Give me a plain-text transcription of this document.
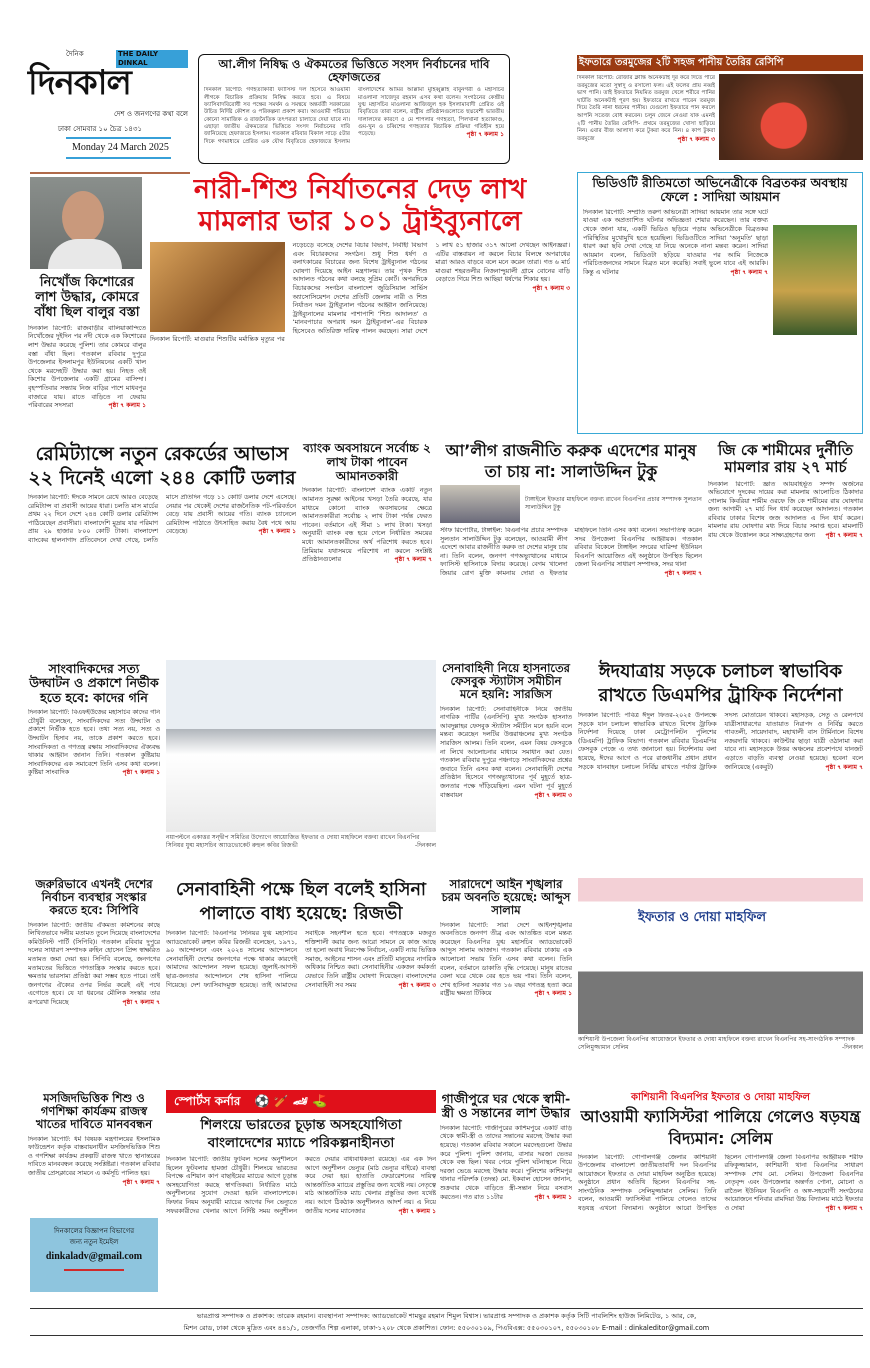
দৈনিক	THE DAILY DINKAL
দিনকাল
দেশ ও জনগণের কথা বলে
ঢাকা সোমবার ১০ চৈত্র ১৪৩১
Monday 24 March 2025
আ.লীগ নিষিদ্ধ ও ঐকমতের ভিত্তিতে সংসদ নির্বাচনের দাবি হেফাজতের
দিনকাল রিপোর্ট: গণহত্যাকারী ফ্যাসিস্ট দল হিসেবে আওয়ামী লীগকে বিচারিক প্রক্রিয়ায় নিষিদ্ধ করতে হবে। এ বিষয়ে ফ্যাসিবাদবিরোধী সব পক্ষের সমর্থন ও সমন্বয়ে অন্তর্বর্তী সরকারের উচিত নির্দিষ্ট কৌশল ও পরিকল্পনা প্রকাশ করা। আওয়ামী পরিচয়ে কোনো সামাজিক ও রাজনৈতিক তৎপরতা চালাতে দেয়া যাবে না। এছাড়া জাতীয় ঐকমত্যের ভিত্তিতে সংসদ নির্বাচনের দাবি জানিয়েছে হেফাজতে ইসলাম। গতকাল রবিবার বিকাল সাড়ে ৫টার দিকে গণমাধ্যমে প্রেরিত এক যৌথ বিবৃতিতে হেফাজতে ইসলাম বাংলাদেশের আমির আল্লামা মুহিব্বুল্লাহ বাবুনগরী ও মহাসচিব মাওলানা সাজেদুর রহমান এসব কথা বলেন। সংগঠনের কেন্দ্রীয় যুগ্ম মহাসচিব মাওলানা আজিজুল হক ইসলামাবাদী প্রেরিত ওই বিবৃতিতে তারা বলেন, রাষ্ট্রীয় প্রতিষ্ঠানগুলোতে ছদ্মবেশী ভারতীয় দালালদের কারণে ৫ মে শাপলার গণহত্যা, পিলখানা হত্যাকাণ্ড, গুম-খুন ও চব্বিশের গণহত্যার বিচারিক প্রক্রিয়া গতিহীন হয়ে পড়েছে।	পৃষ্ঠা ৭ কলাম ১
ইফতারে তরমুজের ২টি সহজ পানীয় তৈরির রেসিপি
দিনকাল রিপোর্ট: রোজার ক্লান্তি অনেকটাই দূর করে দিতে পারে তরমুজের মতো সুস্বাদু ও রসালো ফল। এই ফলের প্রায় নব্বই ভাগ পানি। তাই ইফতারে নিয়মিত তরমুজ খেলে শরীরে পানির ঘাটতি অনেকটাই পূরণ হয়। ইফতারে রাখতে পারেন তরমুজ দিয়ে তৈরি নানা ধরনের পানীয়। যেগুলো ইফতারে পান করলে আপনি সতেজ বোধ করবেন। চলুন জেনে নেওয়া যাক এমনই ২টি পানীয় তৈরির রেসিপি- প্রথমে তরমুজের খোসা ছাড়িয়ে নিন। এবার বীজ আলাদা করে টুকরা করে নিন। ৪ কাপ টুকরা তরমুজে	পৃষ্ঠা ৭ কলাম ৩
নিখোঁজ কিশোরের লাশ উদ্ধার, কোমরে বাঁধা ছিল বালুর বস্তা
দিনকাল রিপোর্ট: রাজবাড়ীর বালিয়াকান্দিতে নিখোঁজের দুইদিন পর নদী থেকে এক কিশোরের লাশ উদ্ধার করেছে পুলিশ। তার কোমরে বালুর বস্তা বাঁধা ছিল। গতকাল রবিবার দুপুরে উপজেলার ইসলামপুর ইউনিয়নের একটি খাল থেকে মরদেহটি উদ্ধার করা হয়। নিহত ওই কিশোর উপজেলার একটি গ্রামের বাসিন্দা। বৃহস্পতিবার সন্ধ্যায় নিজ বাড়ির পাশে মাধবপুর বাজারে যায়। রাতে বাড়িতে না ফেরায় পরিবারের সদস্যরা	পৃষ্ঠা ৭ কলাম ১
নারী-শিশু নির্যাতনের দেড় লাখ
মামলার ভার ১০১ ট্রাইব্যুনালে
দিনকাল রিপোর্ট: মাগুরার শিশুটির মর্মান্তিক মৃত্যুর পর নড়েচড়ে বসেছে দেশের বিচার বিভাগ, নির্বাহী বিভাগ এবং বিচারকদের সংগঠন। শুধু শিশু ধর্ষণ ও বলাৎকারের বিচারের জন্য বিশেষ ট্রাইব্যুনাল গঠনের ঘোষণা দিয়েছে আইন মন্ত্রণালয়। তার পৃথক শিশু আদালত গঠনের কথা বলছে সুপ্রিম কোর্ট। অপরদিকে বিচারকদের সংগঠন বাংলাদেশ জুডিসিয়াল সার্ভিস অ্যাসোসিয়েশন দেশের প্রতিটি জেলায় নারী ও শিশু নির্যাতন দমন ট্রাইব্যুনাল গঠনের আহ্বান জানিয়েছে। ট্রাইব্যুনালের মামলার পাশাপাশি ‘শিশু আদালত’ ও ‘মানবপাচার অপরাধ দমন ট্রাইব্যুনাল’-এর বিচারক হিসেবেও অতিরিক্ত দায়িত্ব পালন করছেন। সারা দেশে ১ লাখ ৫১ হাজার ৩১৭ আলো দেখছেন আইনজ্ঞরা। এটির বাস্তবায়ন না করলে বিচার বিলম্বে অপরাধের মাত্রা আরও বাড়বে বলে মনে করেন তারা। গত ৬ মার্চ মাগুরা শহরতলীর নিজনান্দুয়ালী গ্রামে বোনের বাড়ি বেড়াতে গিয়ে শিশু আছিয়া ধর্ষণের শিকার হয়।
পৃষ্ঠা ৭ কলাম ৩
ভিডিওটি রীতিমতো অভিনেত্রীকে বিব্রতকর অবস্থায় ফেলে : সাদিয়া আয়মান
দিনকাল রিপোর্ট: সম্প্রতি তরুণ অভিনেত্রী সাদিয়া আয়মান তার সঙ্গে ঘটে যাওয়া এক অপ্রত্যাশিত ঘটনার অভিজ্ঞতা শেয়ার করেছেন। তার বক্তব্য থেকে জানা যায়, একটি ভিডিও ছড়িয়ে পড়ায় অভিনেত্রীকে বিব্রতকর পরিস্থিতির মুখোমুখি হতে হয়েছিল। ভিডিওটিতে সাদিয়া ‘অনুমতি’ ছাড়া ধারণ করা ছবি দেখা গেছে যা নিয়ে অনেকে নানা মন্তব্য করেন। সাদিয়া আয়মান বলেন, ভিডিওটা ছড়িয়ে যাওয়ার পর আমি নিজেকে পরিচিতজনদের সামনে বিব্রত মনে করেছি। সবাই ভুলে যাবে এই আরকি। কিন্তু এ ঘটনার	পৃষ্ঠা ৭ কলাম ৭
রেমিট্যান্সে নতুন রেকর্ডের আভাস
২২ দিনেই এলো ২৪৪ কোটি ডলার
দিনকাল রিপোর্ট: ঈদকে সামনে রেখে আরও বেড়েছে রেমিট্যান্স বা প্রবাসী আয়ের ধারা। চলতি মাস মার্চের প্রথম ২২ দিনে দেশে ২৪৪ কোটি ডলার রেমিট্যান্স পাঠিয়েছেন প্রবাসীরা। বাংলাদেশি মুদ্রায় যার পরিমাণ প্রায় ২৯ হাজার ৮০০ কোটি টাকা। বাংলাদেশ ব্যাংকের হালনাগাদ প্রতিবেদনে দেখা গেছে, চলতি মাসে প্রতিদিন গড়ে ১১ কোটি ডলার দেশে এসেছে। নেয়ার পর থেকেই দেশের রাজনৈতিক পট-পরিবর্তনে বেড়ে যায় প্রবাসী আয়ের গতি। ব্যাংক চ্যানেলে রেমিট্যান্স পাঠাতে উৎসাহিত করায় বৈধ পথে আয় বেড়েছে।	পৃষ্ঠা ৭ কলাম ১
ব্যাংক অবসায়নে সর্বোচ্চ ২ লাখ টাকা পাবেন আমানতকারী
দিনকাল রিপোর্ট: বাংলাদেশ ব্যাংক একটি নতুন আমানত সুরক্ষা আইনের খসড়া তৈরি করেছে, যার মাধ্যমে কোনো ব্যাংক অবসায়নের ক্ষেত্রে আমানতকারীরা সর্বোচ্চ ২ লাখ টাকা পর্যন্ত ফেরত পাবেন। বর্তমানে এই সীমা ১ লাখ টাকা। খসড়া অনুযায়ী ব্যাংক বন্ধ হয়ে গেলে নির্ধারিত সময়ের মধ্যে আমানতকারীদের অর্থ পরিশোধ করতে হবে। প্রিমিয়াম যথাসময়ে পরিশোধ না করলে সংশ্লিষ্ট প্রতিষ্ঠানগুলোর	পৃষ্ঠা ৭ কলাম ৭
আ’লীগ রাজনীতি করুক এদেশের মানুষ তা চায় না: সালাউদ্দিন টুকু
টাঙ্গাইলে ইফতার মাহফিলে বক্তব্য রাখেন বিএনপির প্রচার সম্পাদক সুলতান সালাউদ্দিন টুকু
স্টাফ রিপোর্টার, টাঙ্গাইল: বিএনপির প্রচার সম্পাদক সুলতান সালাউদ্দিন টুকু বলেছেন, আওয়ামী লীগ এদেশে আবার রাজনীতি করুক তা দেশের মানুষ চায় না। তিনি বলেন, জনগণ গণঅভ্যুত্থানের মাধ্যমে ফ্যাসিস্ট হাসিনাকে বিদায় করেছে। বেগম খালেদা জিয়ার রোগ মুক্তি কামনায় দোয়া ও ইফতার মাহফিলে তিনি এসব কথা বলেন। সভাপতিত্ব করেন সদর উপজেলা বিএনপির আহ্বায়ক। গতকাল রবিবার বিকেলে টাঙ্গাইল সদরের ঘারিন্দা ইউনিয়ন বিএনপি আয়োজিত এই অনুষ্ঠানে উপস্থিত ছিলেন জেলা বিএনপির সাধারণ সম্পাদক, সদর থানা
পৃষ্ঠা ৭ কলাম ৭
জি কে শামীমের দুর্নীতি মামলার রায় ২৭ মার্চ
দিনকাল রিপোর্ট: জ্ঞাত আয়বহির্ভূত সম্পদ অর্জনের অভিযোগে দুদকের দায়ের করা মামলায় আলোচিত ঠিকাদার গোলাম কিবরিয়া শামীম ওরফে জি কে শামীমের রায় ঘোষণার জন্য আগামী ২৭ মার্চ দিন ধার্য করেছেন আদালত। গতকাল রবিবার ঢাকার বিশেষ জজ আদালত এ দিন ধার্য করেন। মামলার রায় ঘোষণার মধ্য দিয়ে বিচার সমাপ্ত হবে। মামলাটি রায় থেকে উত্তোলন করে সাক্ষ্যগ্রহণের জন্য পৃষ্ঠা ৭ কলাম ৭
সাংবাদিকদের সত্য উদ্ঘাটন ও প্রকাশে নির্ভীক হতে হবে: কাদের গনি
দিনকাল রিপোর্ট: বিএফইউজের মহাসচিব কাদের গনি চৌধুরী বলেছেন, সাংবাদিকদের সত্য উদ্ঘাটন ও প্রকাশে নির্ভীক হতে হবে। তথ্য সত্য নয়, সত্য ও উদ্ঘাটন হিসাব নয়, তাকে প্রকাশ করতে হবে। সাংবাদিকতা ও গণতন্ত্র রক্ষায় সাংবাদিকদের ঐক্যবদ্ধ থাকার আহ্বান জানান তিনি। গতকাল কুষ্টিয়ায় সাংবাদিকদের এক সমাবেশে তিনি এসব কথা বলেন। কুষ্টিয়া সাংবাদিক	পৃষ্ঠা ৭ কলাম ১
নয়াপল্টনে একাত্তর সন্দ্বীপ সমিতির উদ্যোগে আয়োজিত ইফতার ও দোয়া মাহফিলে বক্তব্য রাখেন বিএনপির সিনিয়র যুগ্ম মহাসচিব অ্যাডভোকেট রুহুল কবির রিজভী	-দিনকাল
সেনাবাহিনী নিয়ে হাসনাতের ফেসবুক স্ট্যাটাস সমীচীন মনে হয়নি: সারজিস
দিনকাল রিপোর্ট: সেনাবাহিনীকে নিয়ে জাতীয় নাগরিক পার্টির (এনসিপি) মুখ্য সংগঠক হাসনাত আবদুল্লাহর ফেসবুক স্ট্যাটাস সমীচীন মনে হয়নি বলে মন্তব্য করেছেন দলটির উত্তরাঞ্চলের মুখ্য সংগঠক সারজিস আলম। তিনি বলেন, এমন বিষয় ফেসবুকে না লিখে আলোচনার মাধ্যমে সমাধান করা যেত। গতকাল রবিবার দুপুরে পঞ্চগড়ে সাংবাদিকদের প্রশ্নের জবাবে তিনি এসব কথা বলেন। সেনাবাহিনী দেশের প্রতিষ্ঠান হিসেবে গণঅভ্যুত্থানের পূর্ব মুহূর্তে ছাত্র-জনতার পক্ষে দাঁড়িয়েছিল। এমন ঘটনা পূর্ব মুহূর্তে বাস্তবায়ন	পৃষ্ঠা ৭ কলাম ৩
ঈদযাত্রায় সড়কে চলাচল স্বাভাবিক রাখতে ডিএমপির ট্রাফিক নির্দেশনা
দিনকাল রিপোর্ট: পবিত্র ঈদুল ফিতর-২০২৫ উপলক্ষে সড়কে যান চলাচল স্বাভাবিক রাখতে বিশেষ ট্রাফিক নির্দেশনা দিয়েছে ঢাকা মেট্রোপলিটন পুলিশের (ডিএমপি) ট্রাফিক বিভাগ। গতকাল রবিবার ডিএমপির ফেসবুক পেজে এ তথ্য জানানো হয়। নির্দেশনায় বলা হয়েছে, ঈদের আগে ও পরে রাজধানীর প্রধান প্রধান সড়কে যানবাহন চলাচল নির্বিঘ্ন রাখতে পর্যাপ্ত ট্রাফিক সদস্য মোতায়েন থাকবে। মহাসড়ক, সেতু ও রেলপথে যাত্রীসাধারণের যাতায়াত নিরাপদ ও নির্বিঘ্ন করতে গাবতলী, সায়েদাবাদ, মহাখালী বাস টার্মিনালে বিশেষ নজরদারি থাকবে। কাউন্টার ছাড়া যাত্রী ওঠানামা করা যাবে না। মহাসড়কে উত্তর অঞ্চলের প্রবেশপথে যানজট এড়াতে বাড়তি ব্যবস্থা নেওয়া হয়েছে। হবেনা বলে জানিয়েছে (একবুট)	পৃষ্ঠা ৭ কলাম ৭
জরুরিভাবে এখনই দেশের নির্বাচন ব্যবস্থার সংস্কার করতে হবে: সিপিবি
দিনকাল রিপোর্ট: জাতীয় ঐকমত্য কমিশনের কাছে লিখিতভাবে দলীয় মতামত তুলে দিয়েছে বাংলাদেশের কমিউনিস্ট পার্টি (সিপিবি)। গতকাল রবিবার দুপুরে দলের সাধারণ সম্পাদক রুহিন হোসেন প্রিন্স স্বাক্ষরিত মতামত জমা দেয়া হয়। সিপিবি বলেছে, জনগণের মতামতের ভিত্তিতে গণতান্ত্রিক সংস্কার করতে হবে। ক্ষমতার ভারসাম্য প্রতিষ্ঠা করা সম্ভব হতে পারে। তাই জনগণের ঐক্যের ওপর নির্ভর করেই এই পথে এগোতে হবে। যে যা ধরনের মৌলিক সংস্কার তার রূপরেখা দিয়েছে	পৃষ্ঠা ৭ কলাম ৭
সেনাবাহিনী পক্ষে ছিল বলেই হাসিনা পালাতে বাধ্য হয়েছে: রিজভী
দিনকাল রিপোর্ট: বিএনপির সিনিয়র যুগ্ম মহাসচিব অ্যাডভোকেট রুহুল কবির রিজভী বলেছেন, ১৯৭১, ৯০ আন্দোলনে এবং ২০২৪ সালের আন্দোলনে সেনাবাহিনী দেশের জনগণের পক্ষে থাকার কারণেই আমাদের আন্দোলন সফল হয়েছে। জুলাই-আগস্ট ছাত্র-জনতার আন্দোলনে শেষ হাসিনা পালিয়ে গিয়েছে। দেশ ফ্যাসিবাদমুক্ত হয়েছে। তাই আমাদের সবাইকে সহনশীল হতে হবে। গণতন্ত্রকে মজবুত শক্তিশালী করার জন্য আরো সামনে যে কাজ আছে তা হলো অবাধ নিরপেক্ষ নির্বাচন, একটি ন্যায় ভিত্তিক সমাজ, আইনের শাসন এবং প্রতিটি মানুষের নাগরিক অধিকার নিশ্চিত করা। সেনাবাহিনীর একজন কর্মকর্তা যেভাবে তিনি রাষ্ট্রীয় ঘোষণা দিয়েছেন। বাংলাদেশের সেনাবাহিনী সব সময়	পৃষ্ঠা ৭ কলাম ৩
সারাদেশে আইন শৃঙ্খলার চরম অবনতি হয়েছে: আব্দুস সালাম
দিনকাল রিপোর্ট: সারা দেশে আইনশৃঙ্খলার অবনতিতে জনগণ তীব্র এবং আতঙ্কিত বলে মন্তব্য করেছেন বিএনপির যুগ্ম মহাসচিব অ্যাডভোকেট আব্দুস সালাম আজাদ। গতকাল রবিবার ঢাকায় এক আলোচনা সভায় তিনি এসব কথা বলেন। তিনি বলেন, বর্তমানে ডাকাতি বৃদ্ধি পেয়েছে। মানুষ রাতের বেলা ঘরে থেকে বের হতে ভয় পায়। তিনি বলেন, শেখ হাসিনা সরকার গত ১৬ বছর গণতন্ত্র হত্যা করে রাষ্ট্রীয় ক্ষমতা টিকিয়ে	পৃষ্ঠা ৭ কলাম ১
ইফতার ও দোয়া মাহফিল
কাশিয়ানী উপজেলা বিএনপির আয়োজনে ইফতার ও দোয়া মাহফিলে বক্তব্য রাখেন বিএনপির সহ-সাংগঠনিক সম্পাদক সেলিমুজ্জামান সেলিম	-দিনকাল
মসজিদভিত্তিক শিশু ও গণশিক্ষা কার্যক্রম রাজস্ব খাতের দাবিতে মানববন্ধন
দিনকাল রিপোর্ট: ধর্ম বিষয়ক মন্ত্রণালয়ের ইসলামিক ফাউন্ডেশন কর্তৃক বাস্তবায়নাধীন মসজিদভিত্তিক শিশু ও গণশিক্ষা কার্যক্রম প্রকল্পটি রাজস্ব খাতে স্থানান্তরের দাবিতে মানববন্ধন করেছে সংশ্লিষ্টরা। গতকাল রবিবার জাতীয় প্রেসক্লাবের সামনে এ কর্মসূচি পালিত হয়।
পৃষ্ঠা ৭ কলাম ৭
দিনকালের বিজ্ঞাপন বিভাগের
জন্য নতুন ইমেইল
dinkaladv@gmail.com
স্পোর্টস কর্নার ⚽ 🏏 🏎 ⛳
শিলংয়ে ভারতের চূড়ান্ত অসহযোগিতা বাংলাদেশের ম্যাচে পরিকল্পনাহীনতা
দিনকাল রিপোর্ট: জাতীয় ফুটবল দলের অনুশীলনে ছিলেন ফুটবলার হামজা চৌধুরী। শিলংয়ে ভারতের বিপক্ষে এশিয়ান কাপ বাছাইয়ের ম্যাচের আগে চূড়ান্ত অসহযোগিতা করছে স্বাগতিকরা। নির্ধারিত মাঠে অনুশীলনের সুযোগ দেওয়া হয়নি বাংলাদেশকে। ফিফার নিয়ম অনুযায়ী ম্যাচের আগের দিন ভেন্যুতে সফরকারীদের খেলার আগে নির্দিষ্ট সময় অনুশীলন করতে দেয়ার বাধ্যবাধকতা রয়েছে। এর এক দিন আগে অনুশীলন ভেন্যুর (মাঠ ভেন্যুর বাইরে) ব্যবস্থা করে দেয়া হয়। হাতাতি ফেডারেশনের দায়িত্ব আন্তর্জাতিক ম্যাচের প্রস্তুতির জন্য যথেষ্ট নয়। নেতৃত্বে মাঠ আন্তর্জাতিক ম্যাচ খেলার প্রস্তুতির জন্য যথেষ্ট নয়। আগে ঠিকঠাক অনুশীলনও আদর্শ নয়। এ নিয়ে জাতীয় দলের ম্যানেজার	পৃষ্ঠা ৭ কলাম ১
গাজীপুরে ঘর থেকে স্বামী-স্ত্রী ও সন্তানের লাশ উদ্ধার
দিনকাল রিপোর্ট: গাজীপুরের কাশিমপুরে একটি বাড়ি থেকে স্বামী-স্ত্রী ও তাদের সন্তানের মরদেহ উদ্ধার করা হয়েছে। গতকাল রবিবার সকালে মরদেহগুলো উদ্ধার করে পুলিশ। পুলিশ জানায়, বাসার দরজা ভেতর থেকে বন্ধ ছিল। খবর পেয়ে পুলিশ ঘটনাস্থলে গিয়ে দরজা ভেঙে মরদেহ উদ্ধার করে। পুলিশের কাশিমপুর থানার পরিদর্শক (তদন্ত) মো. ইকবাল হোসেন জানান, শুক্রবার থেকে বাড়িতে স্ত্রী-সন্তান নিয়ে বসবাস করতেন। গত রাত ১১টার	পৃষ্ঠা ৭ কলাম ১
কাশিয়ানী বিএনপির ইফতার ও দোয়া মাহফিল
আওয়ামী ফ্যাসিস্টরা পালিয়ে গেলেও ষড়যন্ত্র বিদ্যমান: সেলিম
দিনকাল রিপোর্ট: গোপালগঞ্জ জেলার কাশিয়ানী উপজেলায় বাংলাদেশ জাতীয়তাবাদী দল বিএনপির আয়োজনে ইফতার ও দোয়া মাহফিল অনুষ্ঠিত হয়েছে। অনুষ্ঠানে প্রধান অতিথি ছিলেন বিএনপির সহ-সাংগঠনিক সম্পাদক সেলিমুজ্জামান সেলিম। তিনি বলেন, আওয়ামী ফ্যাসিস্টরা পালিয়ে গেলেও তাদের ষড়যন্ত্র এখনো বিদ্যমান। অনুষ্ঠানে আরো উপস্থিত ছিলেন গোপালগঞ্জ জেলা বিএনপির আহ্বায়ক শরীফ রফিকুজ্জামান, কাশিয়ানী থানা বিএনপির সাধারণ সম্পাদক শেখ মো. সেলিম। উপজেলা বিএনপির নেতৃবৃন্দ এবং উপজেলার অন্তর্গত পোনা, মোচনা ও রাতৈল ইউনিয়ন বিএনপি ও অঙ্গ-সহযোগী সংগঠনের আয়োজনে শনিবার রামদিয়া উচ্চ বিদ্যালয় মাঠে ইফতার ও দোয়া	পৃষ্ঠা ৭ কলাম ৭
ভারপ্রাপ্ত সম্পাদক ও প্রকাশক: তারেক রহমান। ব্যবস্থাপনা সম্পাদক: অ্যাডভোকেট শামছুর রহমান শিমুল বিশ্বাস। ভারপ্রাপ্ত সম্পাদক ও প্রকাশক কর্তৃক সিটি পাবলিশিং হাউজ লিমিটেড, ১ আর, কে,
মিশন রোড, ঢাকা থেকে মুদ্রিত এবং ৪৪১/১, তেজগাঁও শিল্প এলাকা, ঢাকা-১২০৮ থেকে প্রকাশিত। ফোন: ৫৫০৩০১০৯, পিএবিএক্স: ৫৫০৩০১০৭, ৫৫০৩০১০৮ E-mail : dinkaleditor@gmail.com
